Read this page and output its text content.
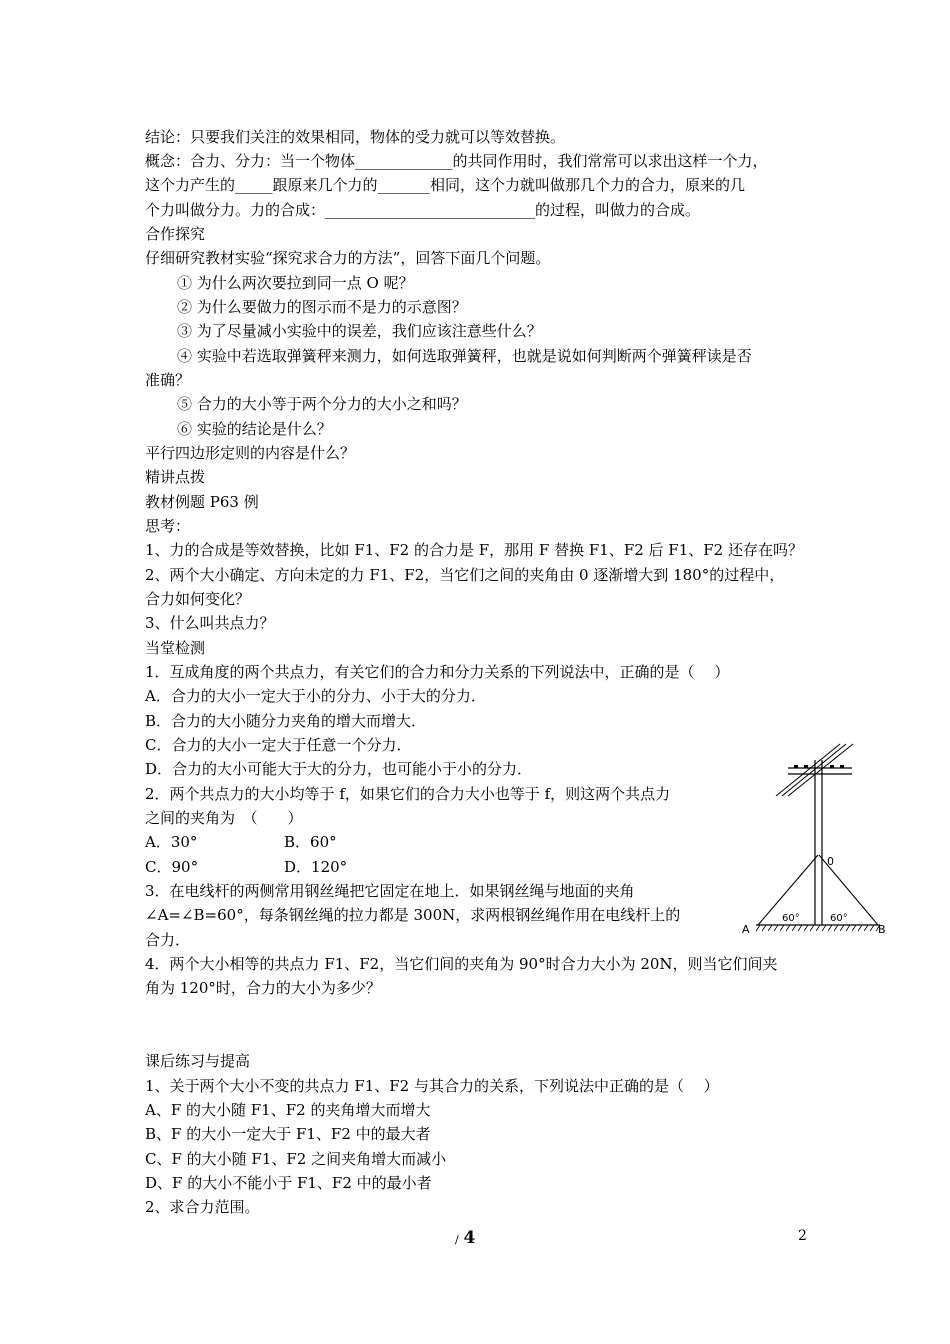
结论：只要我们关注的效果相同，物体的受力就可以等效替换。
概念：合力、分力：当一个物体_____________的共同作用时，我们常常可以求出这样一个力，
这个力产生的_____跟原来几个力的_______相同，这个力就叫做那几个力的合力，原来的几
个力叫做分力。力的合成：____________________________的过程，叫做力的合成。
合作探究
仔细研究教材实验“探究求合力的方法”，回答下面几个问题。
① 为什么两次要拉到同一点 O 呢？
② 为什么要做力的图示而不是力的示意图？
③ 为了尽量减小实验中的误差，我们应该注意些什么？
④ 实验中若选取弹簧秤来测力，如何选取弹簧秤，也就是说如何判断两个弹簧秤读是否
准确？
⑤ 合力的大小等于两个分力的大小之和吗？
⑥ 实验的结论是什么？
平行四边形定则的内容是什么？
精讲点拨
教材例题 P63 例
思考：
1、力的合成是等效替换，比如 F1、F2 的合力是 F，那用 F 替换 F1、F2 后 F1、F2 还存在吗？
2、两个大小确定、方向未定的力 F1、F2，当它们之间的夹角由 0 逐渐增大到 180°的过程中，
合力如何变化？
3、什么叫共点力？
当堂检测
1．互成角度的两个共点力，有关它们的合力和分力关系的下列说法中，正确的是（　 ）
A．合力的大小一定大于小的分力、小于大的分力．
B．合力的大小随分力夹角的增大而增大．
C．合力的大小一定大于任意一个分力．
D．合力的大小可能大于大的分力，也可能小于小的分力．
2．两个共点力的大小均等于 f，如果它们的合力大小也等于 f，则这两个共点力
之间的夹角为　（　　）
A．30°	B．60°
C．90°	D．120°
3．在电线杆的两侧常用钢丝绳把它固定在地上．如果钢丝绳与地面的夹角
∠A=∠B=60°，每条钢丝绳的拉力都是 300N，求两根钢丝绳作用在电线杆上的
合力．
4．两个大小相等的共点力 F1、F2，当它们间的夹角为 90°时合力大小为 20N，则当它们间夹
角为 120°时，合力的大小为多少？
课后练习与提高
1、关于两个大小不变的共点力 F1、F2 与其合力的关系，下列说法中正确的是（　 ）
A、F 的大小随 F1、F2 的夹角增大而增大
B、F 的大小一定大于 F1、F2 中的最大者
C、F 的大小随 F1、F2 之间夹角增大而减小
D、F 的大小不能小于 F1、F2 中的最小者
2、求合力范围。
0
60°	60°
A	B
/ 4	2
